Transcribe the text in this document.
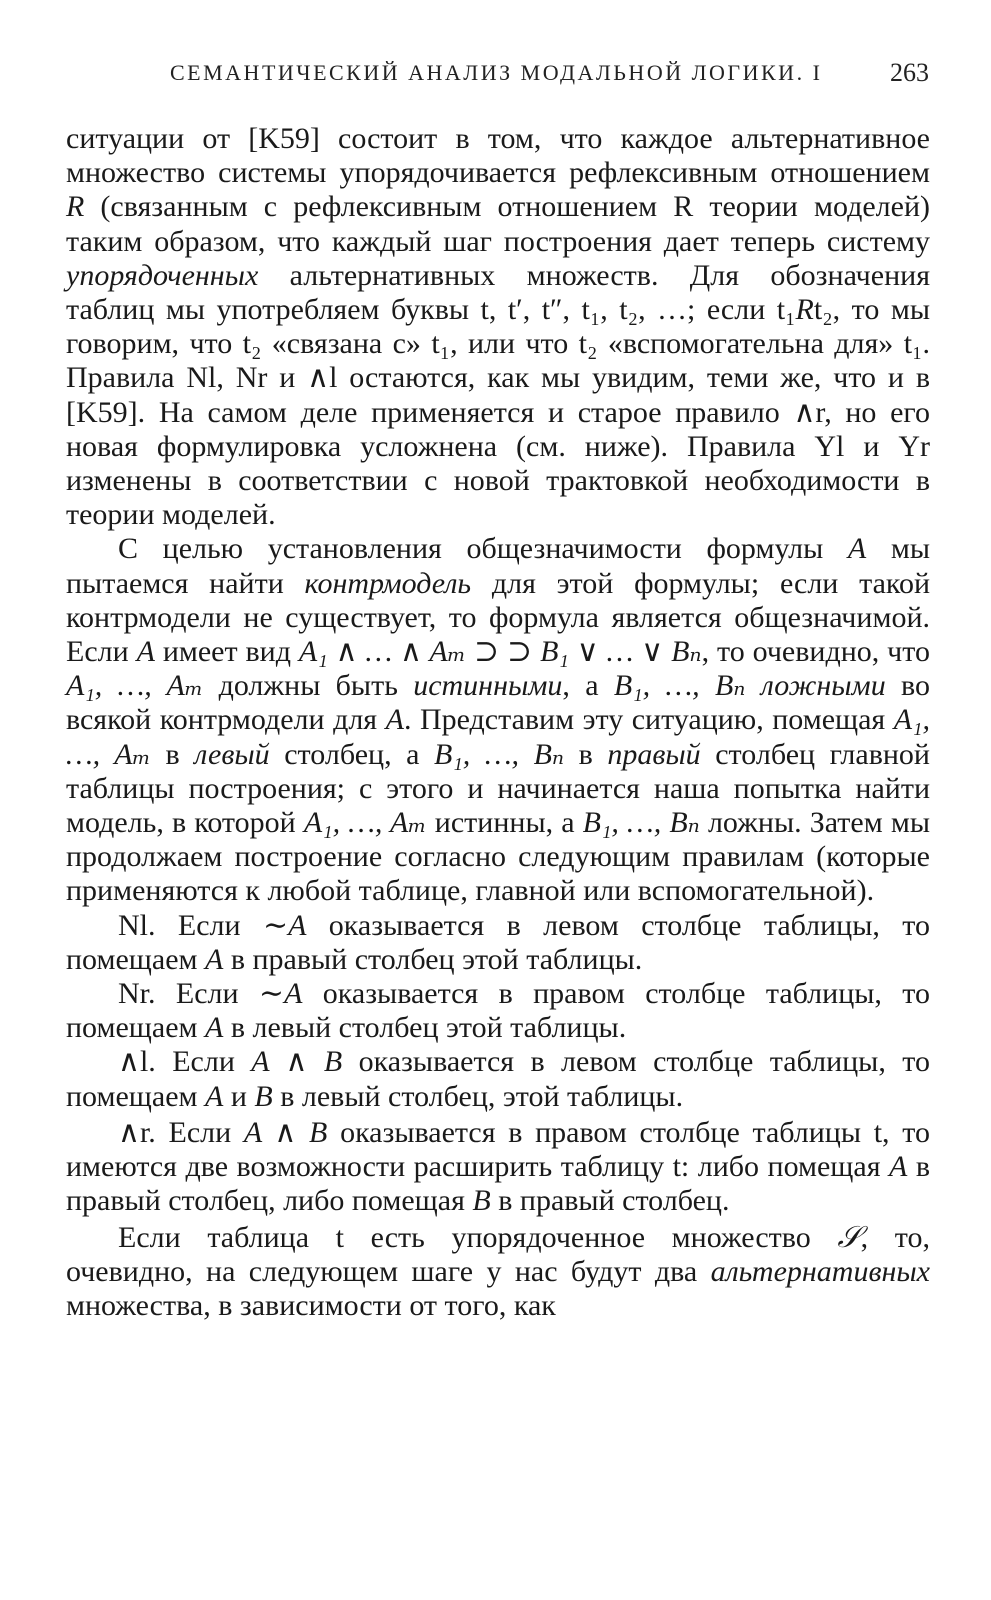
СЕМАНТИЧЕСКИЙ АНАЛИЗ МОДАЛЬНОЙ ЛОГИКИ. I	263

ситуации от [K59] состоит в том, что каждое альтернативное множество системы упорядочивается рефлексивным отношением R (связанным с рефлексивным отношением R теории моделей) таким образом, что каждый шаг построения дает теперь систему упорядоченных альтернативных множеств. Для обозначения таблиц мы употребляем буквы t, t′, t″, t₁, t₂, …; если t₁Rt₂, то мы говорим, что t₂ «связана с» t₁, или что t₂ «вспомогательна для» t₁. Правила Nl, Nr и ∧l остаются, как мы увидим, теми же, что и в [K59]. На самом деле применяется и старое правило ∧r, но его новая формулировка усложнена (см. ниже). Правила Yl и Yr изменены в соответствии с новой трактовкой необходимости в теории моделей.

С целью установления общезначимости формулы A мы пытаемся найти контрмодель для этой формулы; если такой контрмодели не существует, то формула является общезначимой. Если A имеет вид A₁ ∧ … ∧ Aₘ ⊃ ⊃ B₁ ∨ … ∨ Bₙ, то очевидно, что A₁, …, Aₘ должны быть истинными, а B₁, …, Bₙ ложными во всякой контрмодели для A. Представим эту ситуацию, помещая A₁, …, Aₘ в левый столбец, а B₁, …, Bₙ в правый столбец главной таблицы построения; с этого и начинается наша попытка найти модель, в которой A₁, …, Aₘ истинны, а B₁, …, Bₙ ложны. Затем мы продолжаем построение согласно следующим правилам (которые применяются к любой таблице, главной или вспомогательной).

Nl. Если ∼A оказывается в левом столбце таблицы, то помещаем A в правый столбец этой таблицы.

Nr. Если ∼A оказывается в правом столбце таблицы, то помещаем A в левый столбец этой таблицы.

∧l. Если A ∧ B оказывается в левом столбце таблицы, то помещаем A и B в левый столбец, этой таблицы.

∧r. Если A ∧ B оказывается в правом столбце таблицы t, то имеются две возможности расширить таблицу t: либо помещая A в правый столбец, либо помещая B в правый столбец.

Если таблица t есть упорядоченное множество 𝒮, то, очевидно, на следующем шаге у нас будут два альтернативных множества, в зависимости от того, как
